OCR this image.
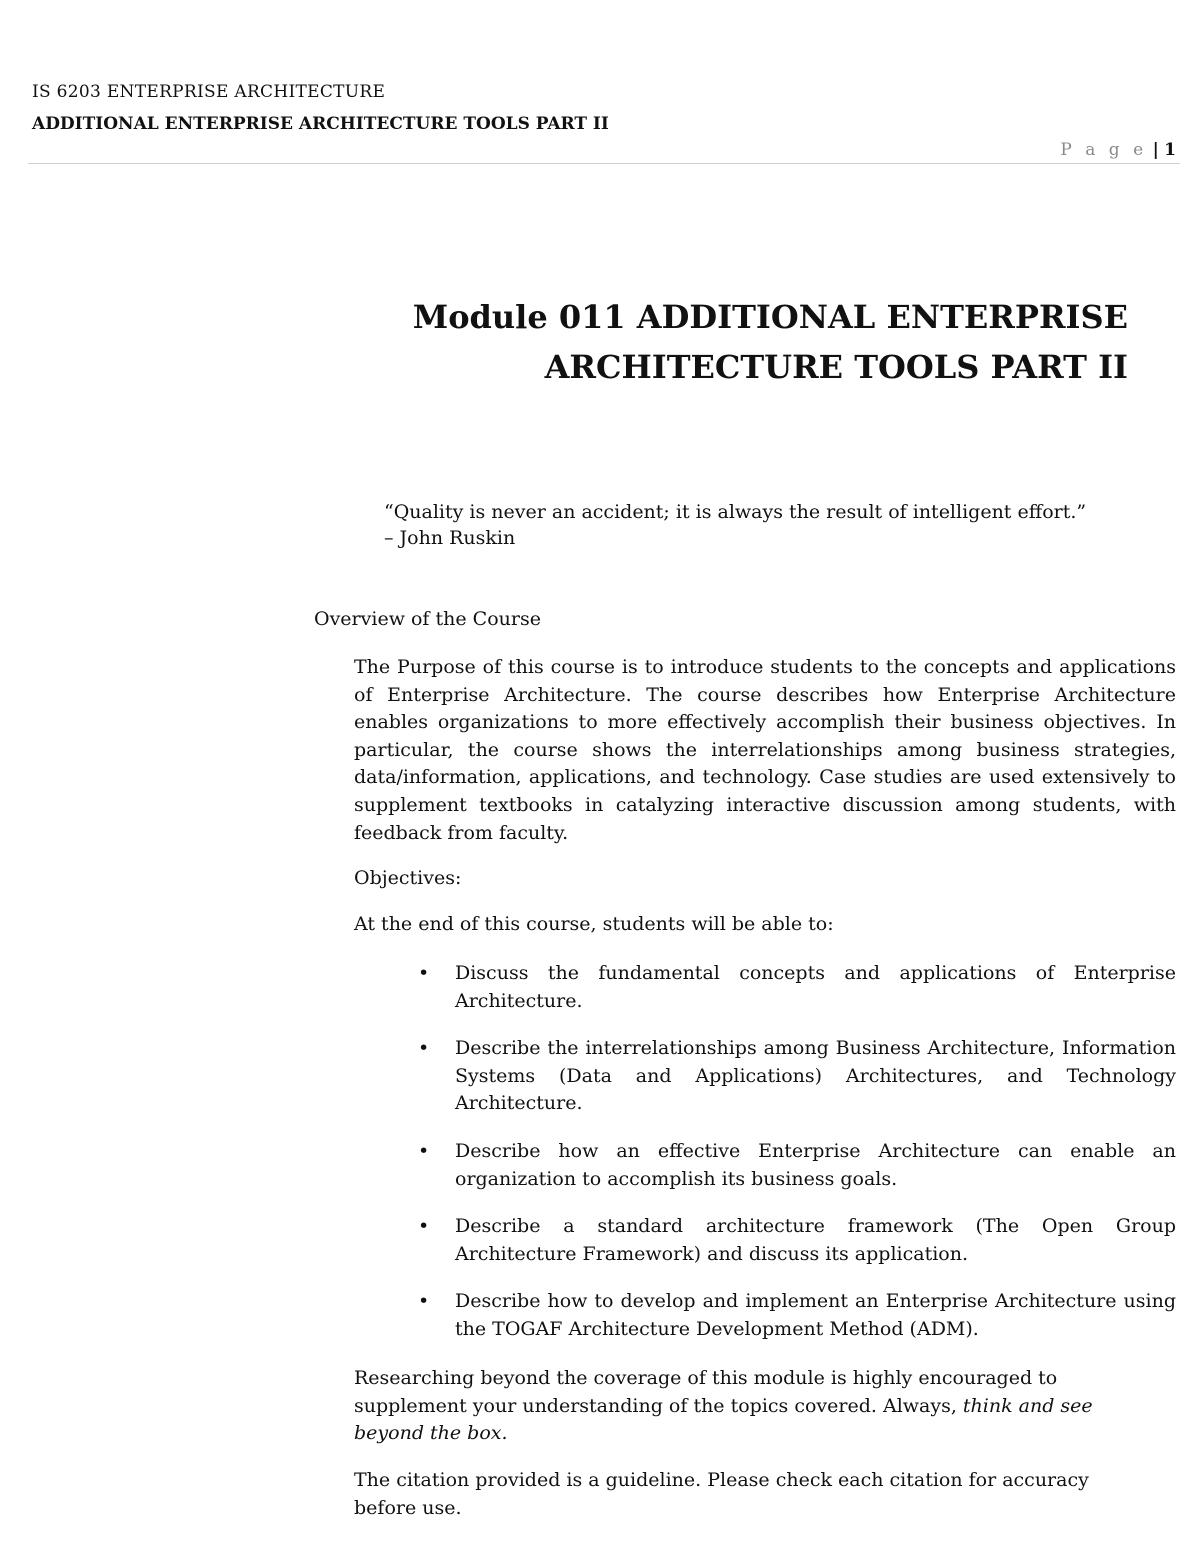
IS 6203 ENTERPRISE ARCHITECTURE
ADDITIONAL ENTERPRISE ARCHITECTURE TOOLS PART II
P a g e | 1
Module 011 ADDITIONAL ENTERPRISE
ARCHITECTURE TOOLS PART II
“Quality is never an accident; it is always the result of intelligent effort.”
– John Ruskin
Overview of the Course
The Purpose of this course is to introduce students to the concepts and applications of Enterprise Architecture. The course describes how Enterprise Architecture enables organizations to more effectively accomplish their business objectives. In particular, the course shows the interrelationships among business strategies, data/information, applications, and technology. Case studies are used extensively to supplement textbooks in catalyzing interactive discussion among students, with feedback from faculty.
Objectives:
At the end of this course, students will be able to:
• Discuss the fundamental concepts and applications of Enterprise Architecture.
• Describe the interrelationships among Business Architecture, Information Systems (Data and Applications) Architectures, and Technology Architecture.
• Describe how an effective Enterprise Architecture can enable an organization to accomplish its business goals.
• Describe a standard architecture framework (The Open Group Architecture Framework) and discuss its application.
• Describe how to develop and implement an Enterprise Architecture using the TOGAF Architecture Development Method (ADM).
Researching beyond the coverage of this module is highly encouraged to supplement your understanding of the topics covered. Always, think and see beyond the box.
The citation provided is a guideline. Please check each citation for accuracy before use.
